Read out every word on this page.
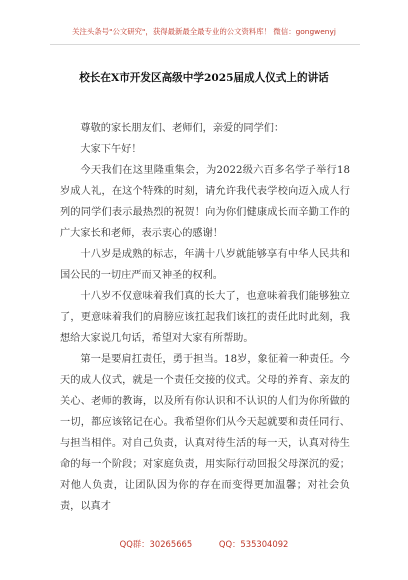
关注头条号"公文研究"，获得最新最全最专业的公文资料库！ 微信：gongwenyj
校长在X市开发区高级中学2025届成人仪式上的讲话

尊敬的家长朋友们、老师们，亲爱的同学们：

大家下午好！

今天我们在这里隆重集会，为2022级六百多名学子举行18岁成人礼，在这个特殊的时刻，请允许我代表学校向迈入成人行列的同学们表示最热烈的祝贺！向为你们健康成长而辛勤工作的广大家长和老师，表示衷心的感谢！

十八岁是成熟的标志，年满十八岁就能够享有中华人民共和国公民的一切庄严而又神圣的权利。

十八岁不仅意味着我们真的长大了，也意味着我们能够独立了，更意味着我们的肩膀应该扛起我们该扛的责任此时此刻，我想给大家说几句话，希望对大家有所帮助。

第一是要肩扛责任，勇于担当。18岁，象征着一种责任。今天的成人仪式，就是一个责任交接的仪式。父母的养育、亲友的关心、老师的教诲，以及所有你认识和不认识的人们为你所做的一切，都应该铭记在心。我希望你们从今天起就要和责任同行、与担当相伴。对自己负责，认真对待生活的每一天，认真对待生命的每一个阶段；对家庭负责，用实际行动回报父母深沉的爱；对他人负责，让团队因为你的存在而变得更加温馨；对社会负责，以真才

QQ群：30265665	QQ：535304092
